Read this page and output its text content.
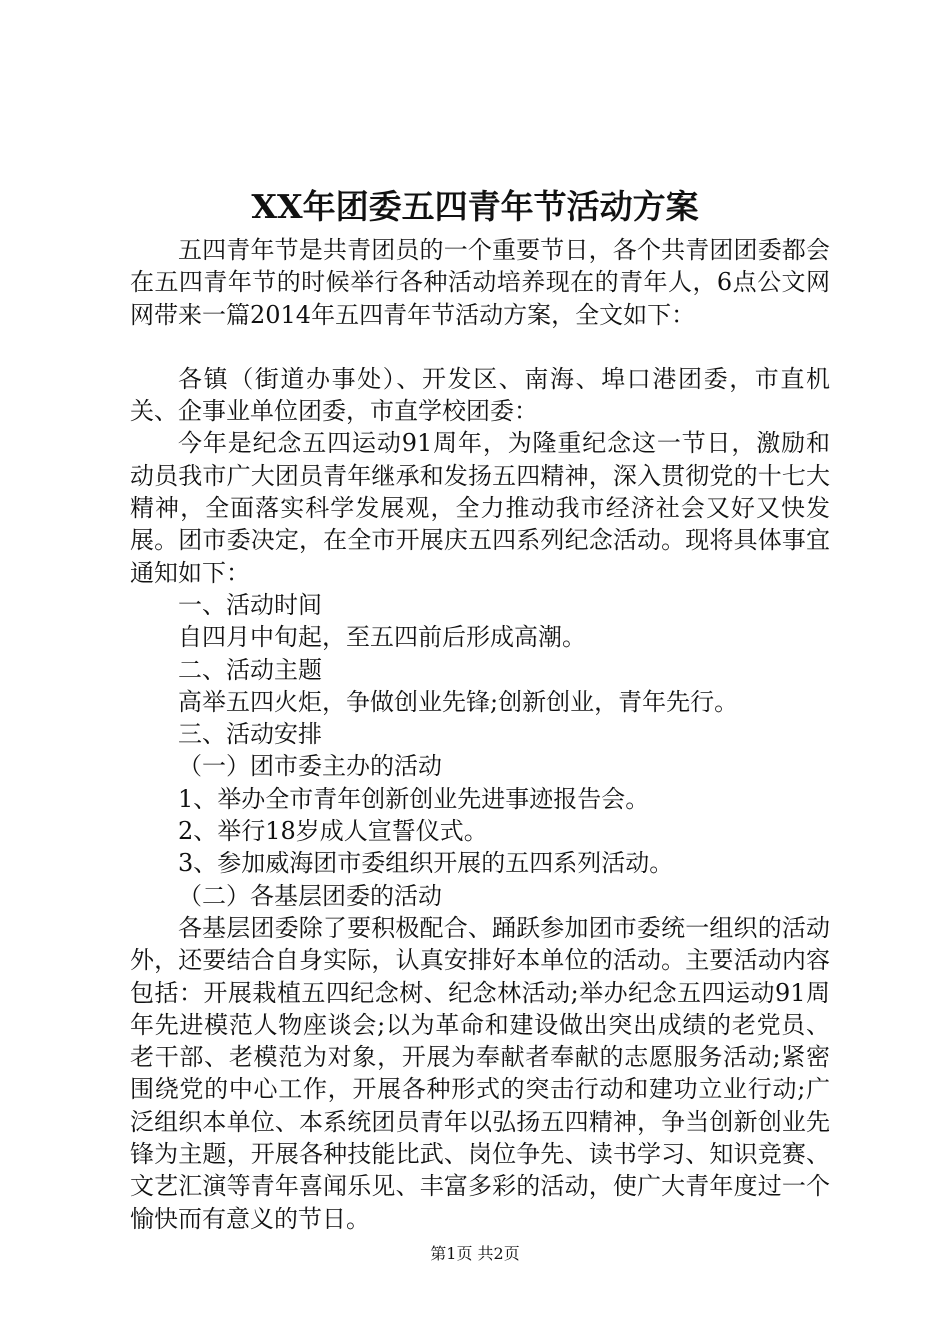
XX年团委五四青年节活动方案

五四青年节是共青团员的一个重要节日，各个共青团团委都会在五四青年节的时候举行各种活动培养现在的青年人，6点公文网网带来一篇2014年五四青年节活动方案，全文如下：

各镇（街道办事处）、开发区、南海、埠口港团委，市直机关、企事业单位团委，市直学校团委：

今年是纪念五四运动91周年，为隆重纪念这一节日，激励和动员我市广大团员青年继承和发扬五四精神，深入贯彻党的十七大精神，全面落实科学发展观，全力推动我市经济社会又好又快发展。团市委决定，在全市开展庆五四系列纪念活动。现将具体事宜通知如下：

一、活动时间

自四月中旬起，至五四前后形成高潮。

二、活动主题

高举五四火炬，争做创业先锋;创新创业，青年先行。

三、活动安排

（一）团市委主办的活动

1、举办全市青年创新创业先进事迹报告会。

2、举行18岁成人宣誓仪式。

3、参加威海团市委组织开展的五四系列活动。

（二）各基层团委的活动

各基层团委除了要积极配合、踊跃参加团市委统一组织的活动外，还要结合自身实际，认真安排好本单位的活动。主要活动内容包括：开展栽植五四纪念树、纪念林活动;举办纪念五四运动91周年先进模范人物座谈会;以为革命和建设做出突出成绩的老党员、老干部、老模范为对象，开展为奉献者奉献的志愿服务活动;紧密围绕党的中心工作，开展各种形式的突击行动和建功立业行动;广泛组织本单位、本系统团员青年以弘扬五四精神，争当创新创业先锋为主题，开展各种技能比武、岗位争先、读书学习、知识竞赛、文艺汇演等青年喜闻乐见、丰富多彩的活动，使广大青年度过一个愉快而有意义的节日。

第1页 共2页
